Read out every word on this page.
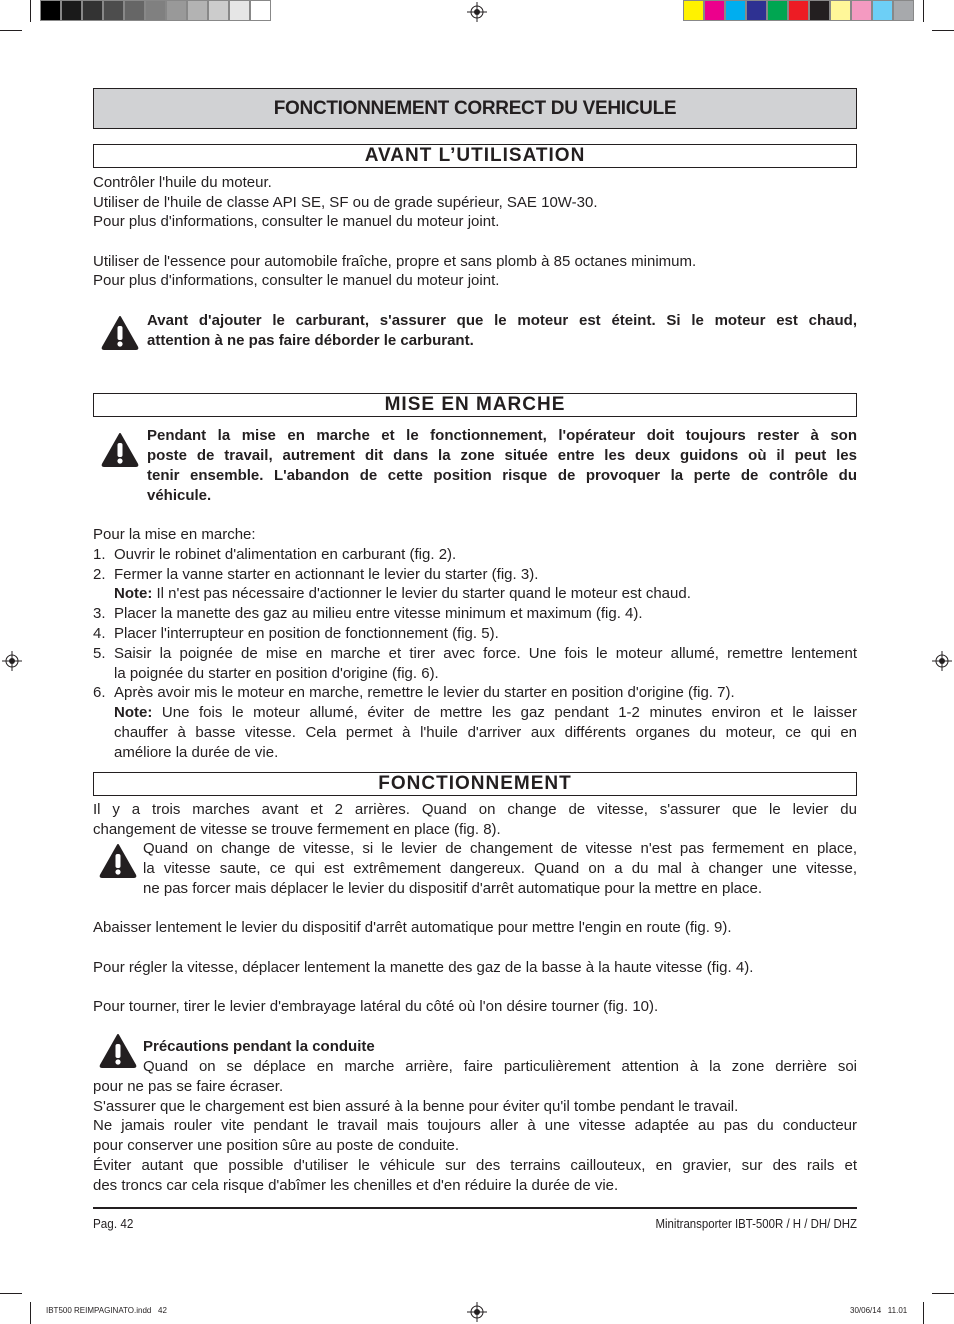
FONCTIONNEMENT CORRECT DU VEHICULE
AVANT L’UTILISATION
Contrôler l'huile du moteur.
Utiliser de l'huile de classe API SE, SF ou de grade supérieur, SAE 10W-30.
Pour plus d'informations, consulter le manuel du moteur joint.
Utiliser de l'essence pour automobile fraîche, propre et sans plomb à 85 octanes minimum.
Pour plus d'informations, consulter le manuel du moteur joint.
Avant d'ajouter le carburant, s'assurer que le moteur est éteint. Si le moteur est chaud,
attention à ne pas faire déborder le carburant.
MISE EN MARCHE
Pendant la mise en marche et le fonctionnement, l'opérateur doit toujours rester à son
poste de travail, autrement dit dans la zone située entre les deux guidons où il peut les
tenir ensemble. L'abandon de cette position risque de provoquer la perte de contrôle du
véhicule.
Pour la mise en marche:
1. Ouvrir le robinet d'alimentation en carburant (fig. 2).
2. Fermer la vanne starter en actionnant le levier du starter (fig. 3).
Note: Il n'est pas nécessaire d'actionner le levier du starter quand le moteur est chaud.
3. Placer la manette des gaz au milieu entre vitesse minimum et maximum (fig. 4).
4. Placer l'interrupteur en position de fonctionnement (fig. 5).
5. Saisir la poignée de mise en marche et tirer avec force. Une fois le moteur allumé, remettre lentement
la poignée du starter en position d'origine (fig. 6).
6. Après avoir mis le moteur en marche, remettre le levier du starter en position d'origine (fig. 7).
Note: Une fois le moteur allumé, éviter de mettre les gaz pendant 1-2 minutes environ et le laisser
chauffer à basse vitesse. Cela permet à l'huile d'arriver aux différents organes du moteur, ce qui en
améliore la durée de vie.
FONCTIONNEMENT
Il y a trois marches avant et 2 arrières. Quand on change de vitesse, s'assurer que le levier du
changement de vitesse se trouve fermement en place (fig. 8).
Quand on change de vitesse, si le levier de changement de vitesse n'est pas fermement en place,
la vitesse saute, ce qui est extrêmement dangereux. Quand on a du mal à changer une vitesse,
ne pas forcer mais déplacer le levier du dispositif d'arrêt automatique pour la mettre en place.
Abaisser lentement le levier du dispositif d'arrêt automatique pour mettre l'engin en route (fig. 9).
Pour régler la vitesse, déplacer lentement la manette des gaz de la basse à la haute vitesse (fig. 4).
Pour tourner, tirer le levier d'embrayage latéral du côté où l'on désire tourner (fig. 10).
Précautions pendant la conduite
Quand on se déplace en marche arrière, faire particulièrement attention à la zone derrière soi
pour ne pas se faire écraser.
S'assurer que le chargement est bien assuré à la benne pour éviter qu'il tombe pendant le travail.
Ne jamais rouler vite pendant le travail mais toujours aller à une vitesse adaptée au pas du conducteur
pour conserver une position sûre au poste de conduite.
Éviter autant que possible d'utiliser le véhicule sur des terrains caillouteux, en gravier, sur des rails et
des troncs car cela risque d'abîmer les chenilles et d'en réduire la durée de vie.
Pag. 42	Minitransporter IBT-500R / H / DH/ DHZ
IBT500 REIMPAGINATO.indd   42	30/06/14   11.01
